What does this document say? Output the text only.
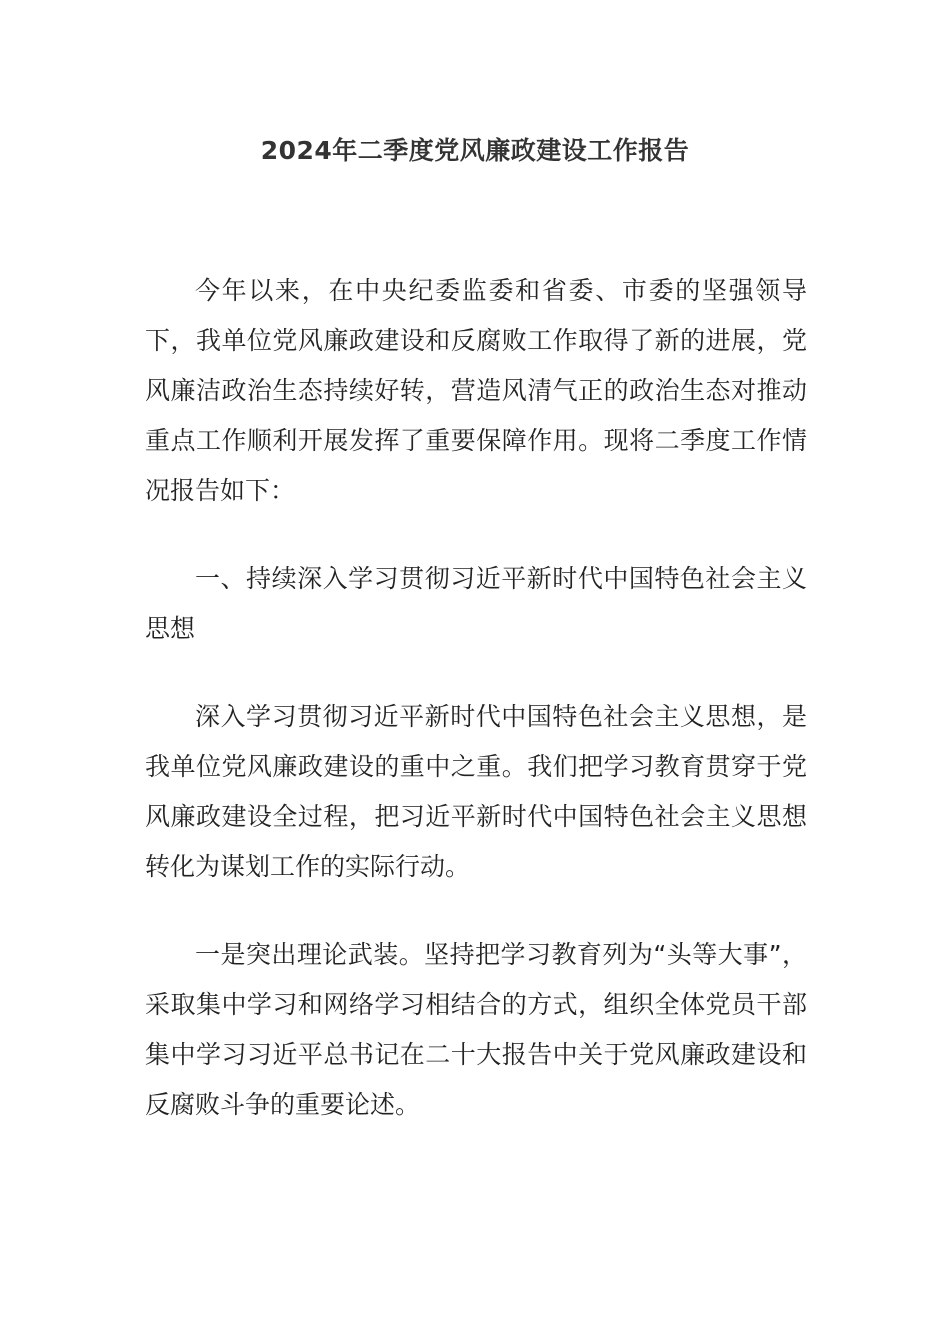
2024年二季度党风廉政建设工作报告

今年以来，在中央纪委监委和省委、市委的坚强领导下，我单位党风廉政建设和反腐败工作取得了新的进展，党风廉洁政治生态持续好转，营造风清气正的政治生态对推动重点工作顺利开展发挥了重要保障作用。现将二季度工作情况报告如下：

一、持续深入学习贯彻习近平新时代中国特色社会主义思想

深入学习贯彻习近平新时代中国特色社会主义思想，是我单位党风廉政建设的重中之重。我们把学习教育贯穿于党风廉政建设全过程，把习近平新时代中国特色社会主义思想转化为谋划工作的实际行动。

一是突出理论武装。坚持把学习教育列为“头等大事”，采取集中学习和网络学习相结合的方式，组织全体党员干部集中学习习近平总书记在二十大报告中关于党风廉政建设和反腐败斗争的重要论述。
